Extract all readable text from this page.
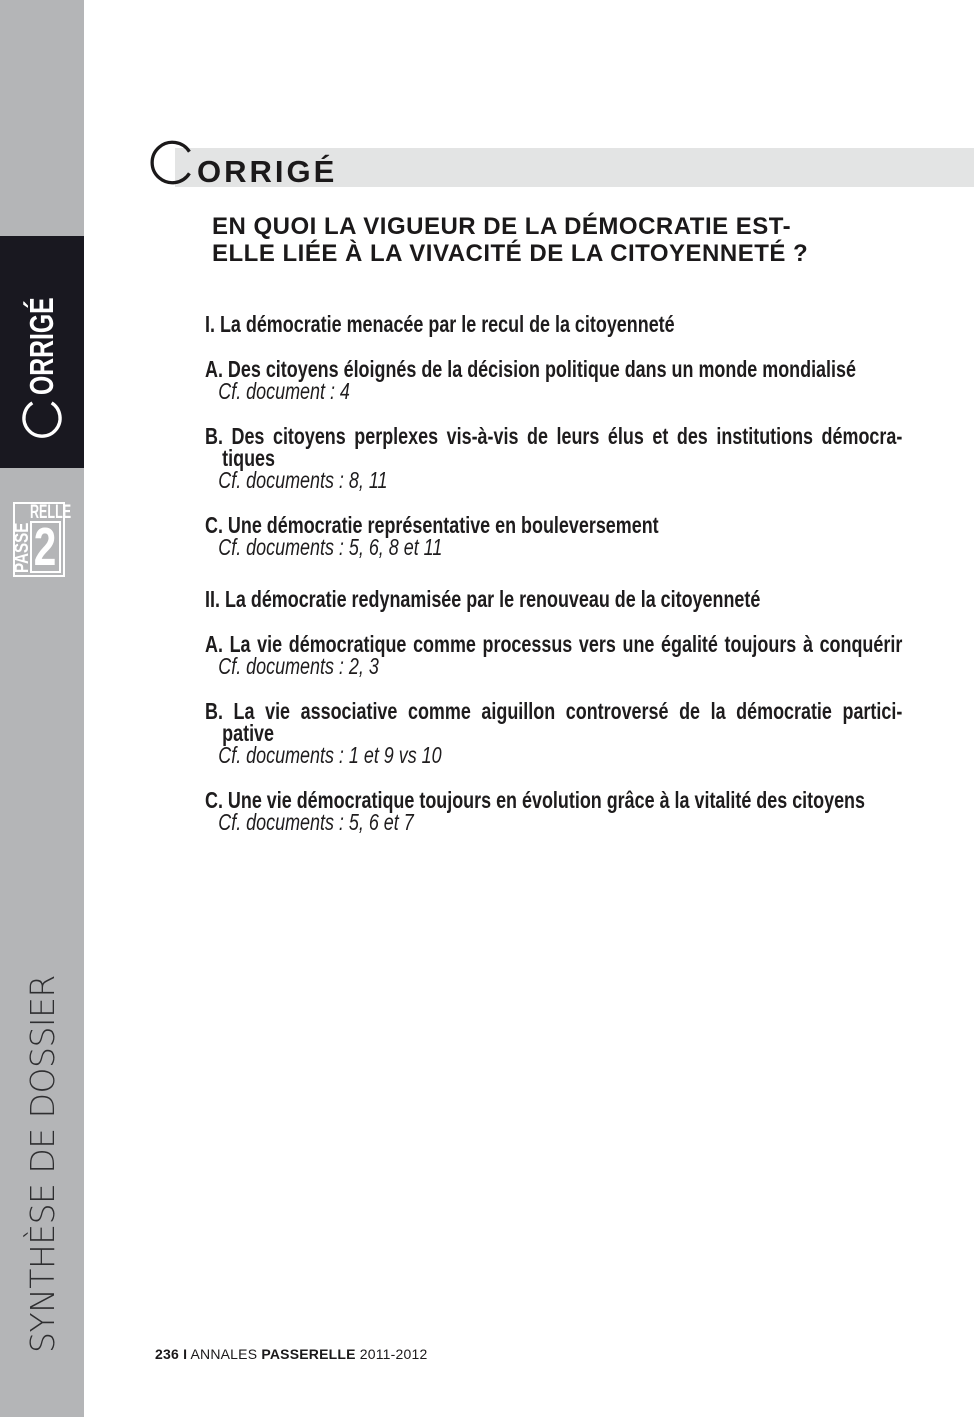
ORRIGÉ
RELLE
PASSE 2
SYNTHÈSE DE DOSSIER
ORRIGÉ
EN QUOI LA VIGUEUR DE LA DÉMOCRATIE EST-
ELLE LIÉE À LA VIVACITÉ DE LA CITOYENNETÉ ?
I. La démocratie menacée par le recul de la citoyenneté
A. Des citoyens éloignés de la décision politique dans un monde mondialisé
Cf. document : 4
B. Des citoyens perplexes vis-à-vis de leurs élus et des institutions démocra-
tiques
Cf. documents : 8, 11
C. Une démocratie représentative en bouleversement
Cf. documents : 5, 6, 8 et 11
II. La démocratie redynamisée par le renouveau de la citoyenneté
A. La vie démocratique comme processus vers une égalité toujours à conquérir
Cf. documents : 2, 3
B. La vie associative comme aiguillon controversé de la démocratie partici-
pative
Cf. documents : 1 et 9 vs 10
C. Une vie démocratique toujours en évolution grâce à la vitalité des citoyens
Cf. documents : 5, 6 et 7
236 I ANNALES PASSERELLE 2011-2012
